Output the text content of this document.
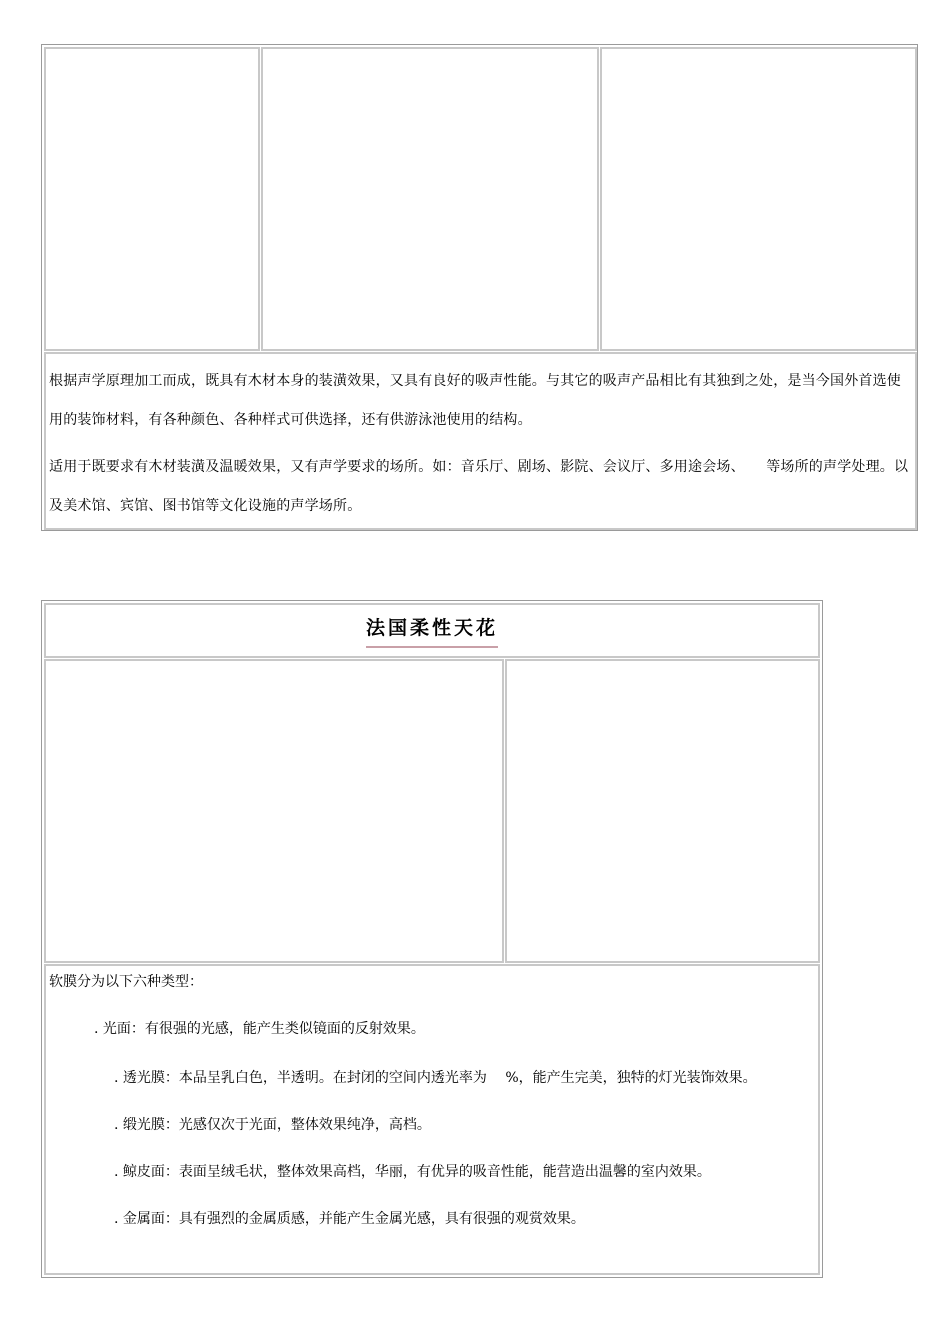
根据声学原理加工而成，既具有木材本身的装潢效果，又具有良好的吸声性能。与其它的吸声产品相比有其独到之处，是当今国外首选使用的装饰材料，有各种颜色、各种样式可供选择，还有供游泳池使用的结构。

适用于既要求有木材装潢及温暖效果，又有声学要求的场所。如：音乐厅、剧场、影院、会议厅、多用途会场、　　等场所的声学处理。以及美术馆、宾馆、图书馆等文化设施的声学场所。

法国柔性天花

软膜分为以下六种类型：

. 光面：有很强的光感，能产生类似镜面的反射效果。

. 透光膜：本品呈乳白色，半透明。在封闭的空间内透光率为　 %，能产生完美，独特的灯光装饰效果。

. 缎光膜：光感仅次于光面，整体效果纯净，高档。

. 鲸皮面：表面呈绒毛状，整体效果高档，华丽，有优异的吸音性能，能营造出温馨的室内效果。

. 金属面：具有强烈的金属质感，并能产生金属光感，具有很强的观赏效果。
